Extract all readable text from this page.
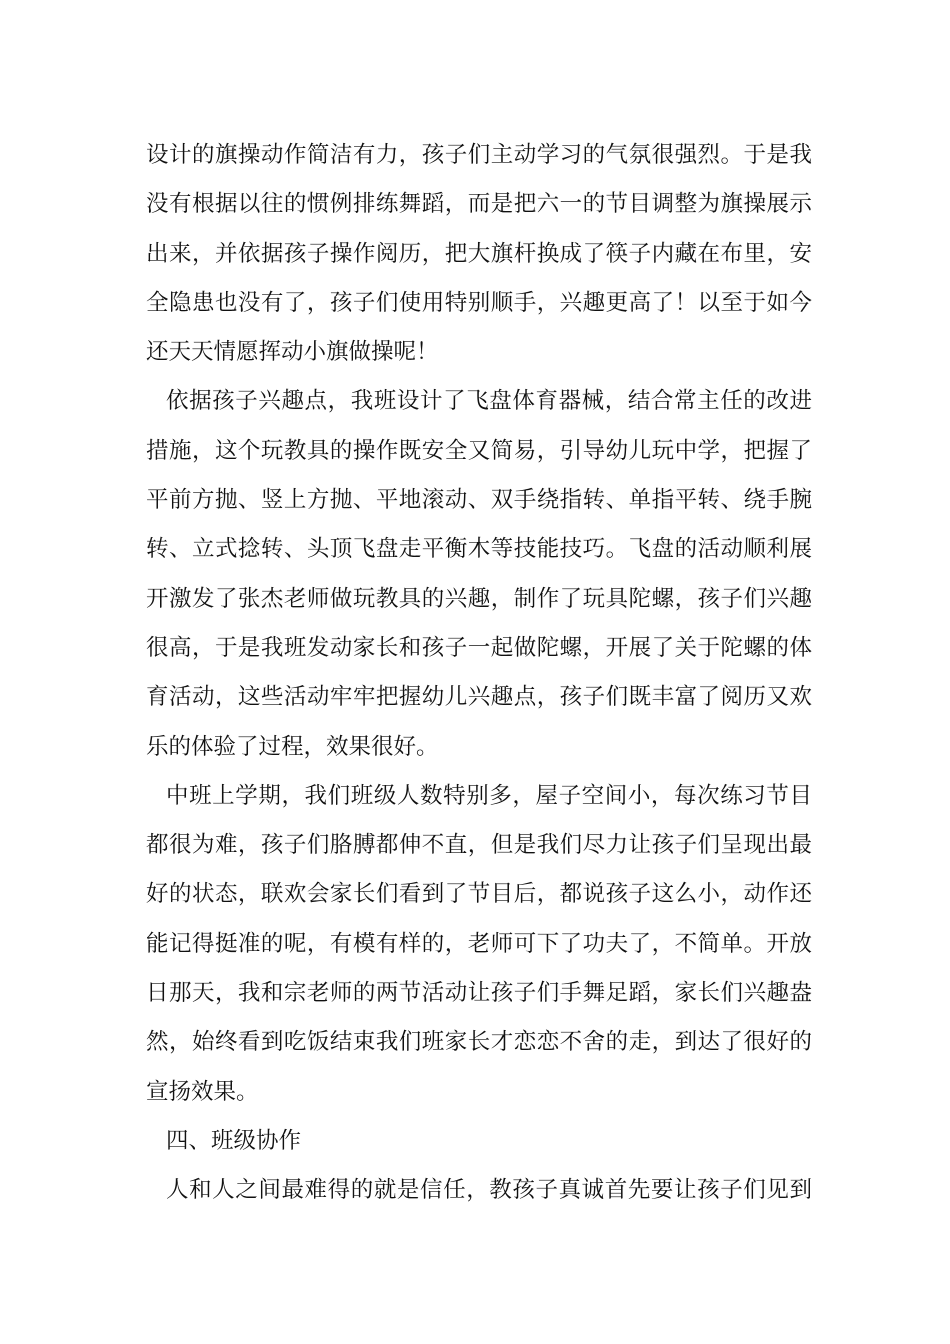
设计的旗操动作简洁有力，孩子们主动学习的气氛很强烈。于是我
没有根据以往的惯例排练舞蹈，而是把六一的节目调整为旗操展示
出来，并依据孩子操作阅历，把大旗杆换成了筷子内藏在布里，安
全隐患也没有了，孩子们使用特别顺手，兴趣更高了！以至于如今
还天天情愿挥动小旗做操呢！
依据孩子兴趣点，我班设计了飞盘体育器械，结合常主任的改进
措施，这个玩教具的操作既安全又简易，引导幼儿玩中学，把握了
平前方抛、竖上方抛、平地滚动、双手绕指转、单指平转、绕手腕
转、立式捻转、头顶飞盘走平衡木等技能技巧。飞盘的活动顺利展
开激发了张杰老师做玩教具的兴趣，制作了玩具陀螺，孩子们兴趣
很高，于是我班发动家长和孩子一起做陀螺，开展了关于陀螺的体
育活动，这些活动牢牢把握幼儿兴趣点，孩子们既丰富了阅历又欢
乐的体验了过程，效果很好。
中班上学期，我们班级人数特别多，屋子空间小，每次练习节目
都很为难，孩子们胳膊都伸不直，但是我们尽力让孩子们呈现出最
好的状态，联欢会家长们看到了节目后，都说孩子这么小，动作还
能记得挺准的呢，有模有样的，老师可下了功夫了，不简单。开放
日那天，我和宗老师的两节活动让孩子们手舞足蹈，家长们兴趣盎
然，始终看到吃饭结束我们班家长才恋恋不舍的走，到达了很好的
宣扬效果。
四、班级协作
人和人之间最难得的就是信任，教孩子真诚首先要让孩子们见到
